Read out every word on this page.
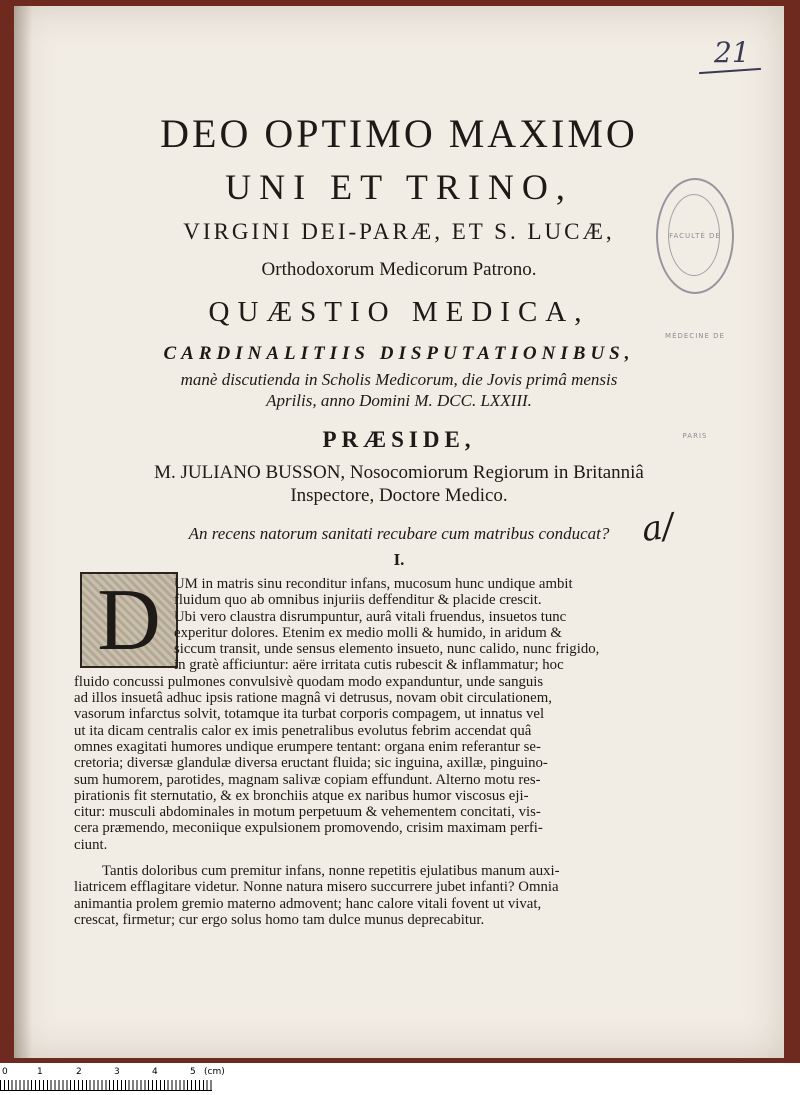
21
FACULTÉ DE MÉDECINE DE PARIS
DEO OPTIMO MAXIMO
UNI ET TRINO,
VIRGINI DEI-PARÆ, ET S. LUCÆ,
Orthodoxorum Medicorum Patrono.
QUÆSTIO MEDICA,
CARDINALITIIS DISPUTATIONIBUS,
manè discutienda in Scholis Medicorum, die Jovis primâ mensis
Aprilis, anno Domini M. DCC. LXXIII.
PRÆSIDE,
M. JULIANO BUSSON, Nosocomiorum Regiorum in Britanniâ
Inspectore, Doctore Medico.
An recens natorum sanitati recubare cum matribus conducat?
I.
a/
D UM in matris sinu reconditur infans, mucosum hunc undique ambit
fluidum quo ab omnibus injuriis deffenditur & placide crescit.
Ubi vero claustra disrumpuntur, aurâ vitali fruendus, insuetos tunc
experitur dolores. Etenim ex medio molli & humido, in aridum &
siccum transit, unde sensus elemento insueto, nunc calido, nunc frigido,
in gratè afficiuntur: aëre irritata cutis rubescit & inflammatur; hoc
fluido concussi pulmones convulsivè quodam modo expanduntur, unde sanguis
ad illos insuetâ adhuc ipsis ratione magnâ vi detrusus, novam obit circulationem,
vasorum infarctus solvit, totamque ita turbat corporis compagem, ut innatus vel
ut ita dicam centralis calor ex imis penetralibus evolutus febrim accendat quâ
omnes exagitati humores undique erumpere tentant: organa enim referantur se-
cretoria; diversæ glandulæ diversa eructant fluida; sic inguina, axillæ, pinguino-
sum humorem, parotides, magnam salivæ copiam effundunt. Alterno motu res-
pirationis fit sternutatio, & ex bronchiis atque ex naribus humor viscosus eji-
citur: musculi abdominales in motum perpetuum & vehementem concitati, vis-
cera præmendo, meconiique expulsionem promovendo, crisim maximam perfi-
ciunt.
Tantis doloribus cum premitur infans, nonne repetitis ejulatibus manum auxi-
liatricem efflagitare videtur. Nonne natura misero succurrere jubet infanti? Omnia
animantia prolem gremio materno admovent; hanc calore vitali fovent ut vivat,
crescat, firmetur; cur ergo solus homo tam dulce munus deprecabitur.
0	1	2	3	4	5 (cm)
